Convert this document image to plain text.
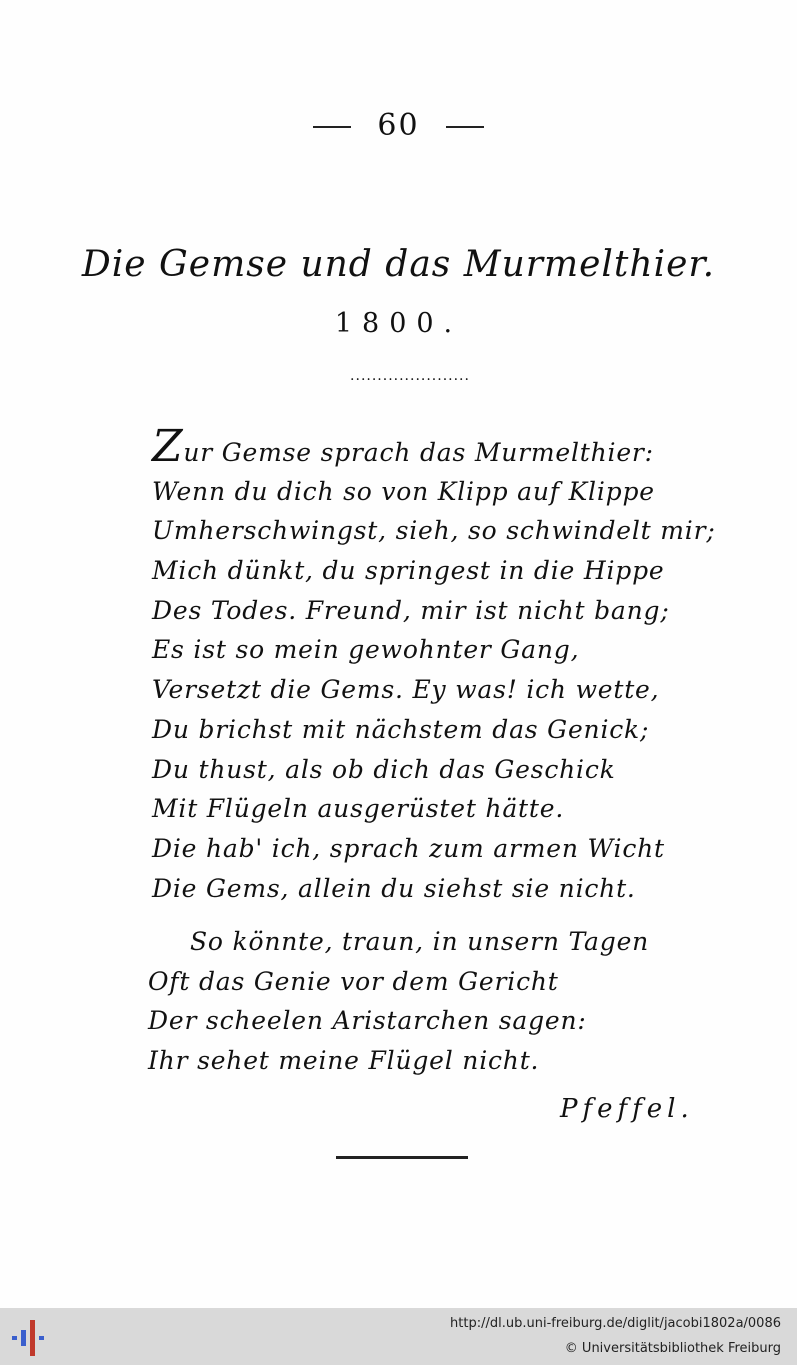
60
Die Gemse und das Murmelthier.
1800.
......................
Zur Gemse sprach das Murmelthier:
Wenn du dich so von Klipp auf Klippe
Umherschwingst, sieh, so schwindelt mir;
Mich dünkt, du springest in die Hippe
Des Todes. Freund, mir ist nicht bang;
Es ist so mein gewohnter Gang,
Versetzt die Gems. Ey was! ich wette,
Du brichst mit nächstem das Genick;
Du thust, als ob dich das Geschick
Mit Flügeln ausgerüstet hätte.
Die hab' ich, sprach zum armen Wicht
Die Gems, allein du siehst sie nicht.
So könnte, traun, in unsern Tagen
Oft das Genie vor dem Gericht
Der scheelen Aristarchen sagen:
Ihr sehet meine Flügel nicht.
Pfeffel.
http://dl.ub.uni-freiburg.de/diglit/jacobi1802a/0086
© Universitätsbibliothek Freiburg
